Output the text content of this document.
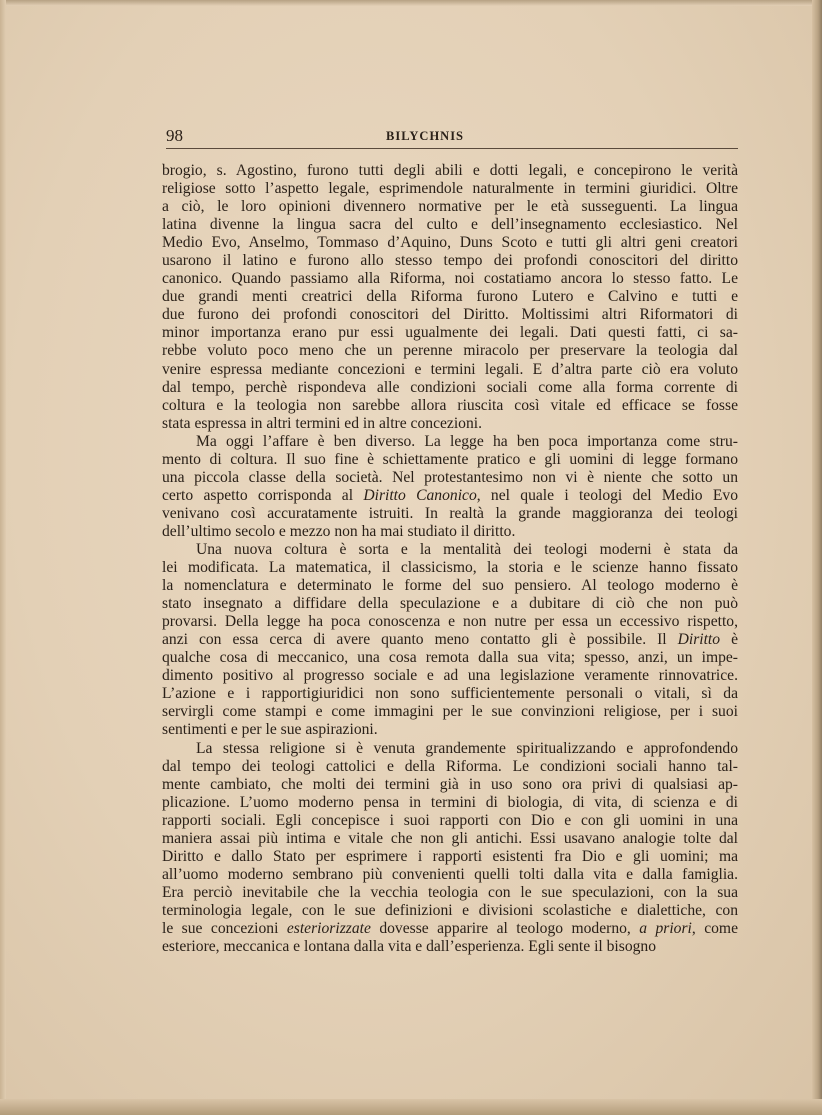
98	BILYCHNIS
brogio, s. Agostino, furono tutti degli abili e dotti legali, e concepirono le verità
religiose sotto l’aspetto legale, esprimendole naturalmente in termini giuridici. Oltre
a ciò, le loro opinioni divennero normative per le età susseguenti. La lingua
latina divenne la lingua sacra del culto e dell’insegnamento ecclesiastico. Nel
Medio Evo, Anselmo, Tommaso d’Aquino, Duns Scoto e tutti gli altri geni creatori
usarono il latino e furono allo stesso tempo dei profondi conoscitori del diritto
canonico. Quando passiamo alla Riforma, noi costatiamo ancora lo stesso fatto. Le
due grandi menti creatrici della Riforma furono Lutero e Calvino e tutti e
due furono dei profondi conoscitori del Diritto. Moltissimi altri Riformatori di
minor importanza erano pur essi ugualmente dei legali. Dati questi fatti, ci sa-
rebbe voluto poco meno che un perenne miracolo per preservare la teologia dal
venire espressa mediante concezioni e termini legali. E d’altra parte ciò era voluto
dal tempo, perchè rispondeva alle condizioni sociali come alla forma corrente di
coltura e la teologia non sarebbe allora riuscita così vitale ed efficace se fosse
stata espressa in altri termini ed in altre concezioni.
Ma oggi l’affare è ben diverso. La legge ha ben poca importanza come stru-
mento di coltura. Il suo fine è schiettamente pratico e gli uomini di legge formano
una piccola classe della società. Nel protestantesimo non vi è niente che sotto un
certo aspetto corrisponda al Diritto Canonico, nel quale i teologi del Medio Evo
venivano così accuratamente istruiti. In realtà la grande maggioranza dei teologi
dell’ultimo secolo e mezzo non ha mai studiato il diritto.
Una nuova coltura è sorta e la mentalità dei teologi moderni è stata da
lei modificata. La matematica, il classicismo, la storia e le scienze hanno fissato
la nomenclatura e determinato le forme del suo pensiero. Al teologo moderno è
stato insegnato a diffidare della speculazione e a dubitare di ciò che non può
provarsi. Della legge ha poca conoscenza e non nutre per essa un eccessivo rispetto,
anzi con essa cerca di avere quanto meno contatto gli è possibile. Il Diritto è
qualche cosa di meccanico, una cosa remota dalla sua vita; spesso, anzi, un impe-
dimento positivo al progresso sociale e ad una legislazione veramente rinnovatrice.
L’azione e i rapportigiuridici non sono sufficientemente personali o vitali, sì da
servirgli come stampi e come immagini per le sue convinzioni religiose, per i suoi
sentimenti e per le sue aspirazioni.
La stessa religione si è venuta grandemente spiritualizzando e approfondendo
dal tempo dei teologi cattolici e della Riforma. Le condizioni sociali hanno tal-
mente cambiato, che molti dei termini già in uso sono ora privi di qualsiasi ap-
plicazione. L’uomo moderno pensa in termini di biologia, di vita, di scienza e di
rapporti sociali. Egli concepisce i suoi rapporti con Dio e con gli uomini in una
maniera assai più intima e vitale che non gli antichi. Essi usavano analogie tolte dal
Diritto e dallo Stato per esprimere i rapporti esistenti fra Dio e gli uomini; ma
all’uomo moderno sembrano più convenienti quelli tolti dalla vita e dalla famiglia.
Era perciò inevitabile che la vecchia teologia con le sue speculazioni, con la sua
terminologia legale, con le sue definizioni e divisioni scolastiche e dialettiche, con
le sue concezioni esteriorizzate dovesse apparire al teologo moderno, a priori, come
esteriore, meccanica e lontana dalla vita e dall’esperienza. Egli sente il bisogno
